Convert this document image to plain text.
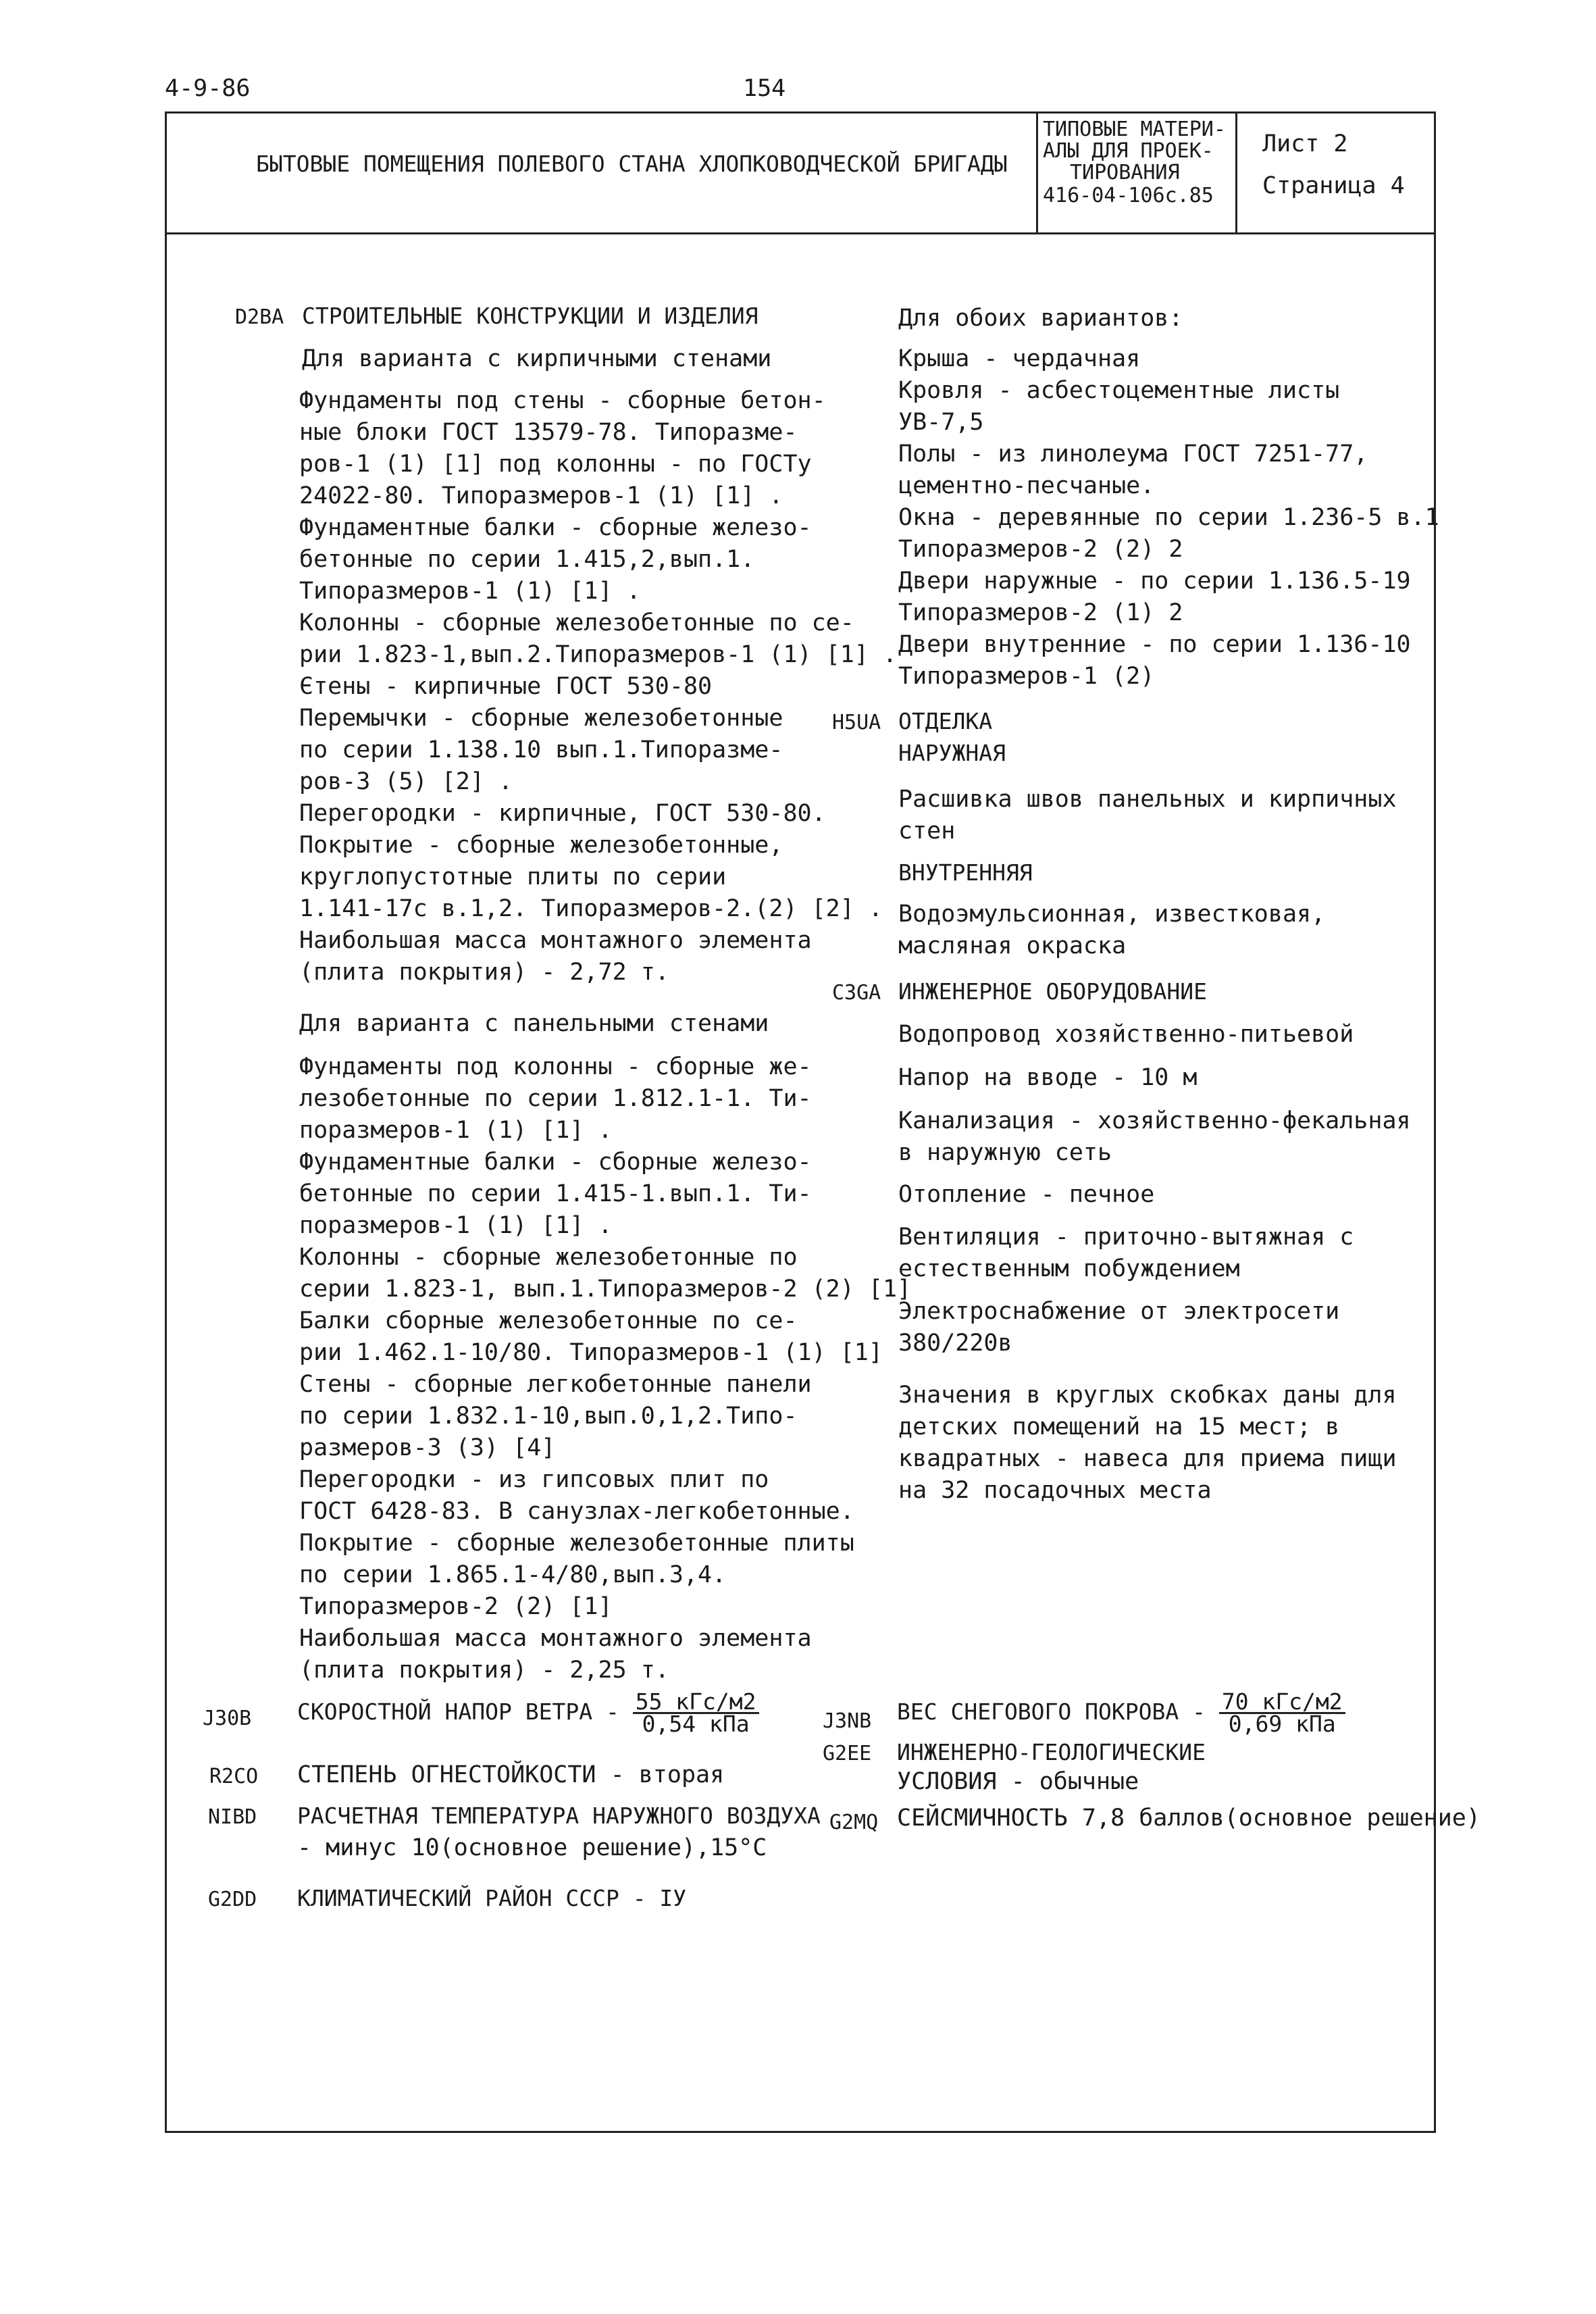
4-9-86	154
БЫТОВЫЕ ПОМЕЩЕНИЯ ПОЛЕВОГО СТАНА ХЛОПКОВОДЧЕСКОЙ БРИГАДЫ
ТИПОВЫЕ МАТЕРИ-
АЛЫ ДЛЯ ПРОЕК-
ТИРОВАНИЯ
416-04-106с.85
Лист 2
Страница 4
D2BA СТРОИТЕЛЬНЫЕ КОНСТРУКЦИИ И ИЗДЕЛИЯ
Для варианта с кирпичными стенами
Фундаменты под стены - сборные бетон-
ные блоки ГОСТ 13579-78. Типоразме-
ров-1 (1) [1] под колонны - по ГОСТу
24022-80. Типоразмеров-1 (1) [1] .
Фундаментные балки - сборные железо-
бетонные по серии 1.415,2,вып.1.
Типоразмеров-1 (1) [1] .
Колонны - сборные железобетонные по се-
рии 1.823-1,вып.2.Типоразмеров-1 (1) [1] .
Єтены - кирпичные ГОСТ 530-80
Перемычки - сборные железобетонные
по серии 1.138.10 вып.1.Типоразме-
ров-3 (5) [2] .
Перегородки - кирпичные, ГОСТ 530-80.
Покрытие - сборные железобетонные,
круглопустотные плиты по серии
1.141-17с в.1,2. Типоразмеров-2.(2) [2] .
Наибольшая масса монтажного элемента
(плита покрытия) - 2,72 т.
Для варианта с панельными стенами
Фундаменты под колонны - сборные же-
лезобетонные по серии 1.812.1-1. Ти-
поразмеров-1 (1) [1] .
Фундаментные балки - сборные железо-
бетонные по серии 1.415-1.вып.1. Ти-
поразмеров-1 (1) [1] .
Колонны - сборные железобетонные по
серии 1.823-1, вып.1.Типоразмеров-2 (2) [1]
Балки сборные железобетонные по се-
рии 1.462.1-10/80. Типоразмеров-1 (1) [1]
Стены - сборные легкобетонные панели
по серии 1.832.1-10,вып.0,1,2.Типо-
размеров-3 (3) [4]
Перегородки - из гипсовых плит по
ГОСТ 6428-83. В санузлах-легкобетонные.
Покрытие - сборные железобетонные плиты
по серии 1.865.1-4/80,вып.3,4.
Типоразмеров-2 (2) [1]
Наибольшая масса монтажного элемента
(плита покрытия) - 2,25 т.
Для обоих вариантов:
Крыша - чердачная
Кровля - асбестоцементные листы
УВ-7,5
Полы - из линолеума ГОСТ 7251-77,
цементно-песчаные.
Окна - деревянные по серии 1.236-5 в.1
Типоразмеров-2 (2) 2
Двери наружные - по серии 1.136.5-19
Типоразмеров-2 (1) 2
Двери внутренние - по серии 1.136-10
Типоразмеров-1 (2)
H5UA ОТДЕЛКА
НАРУЖНАЯ
Расшивка швов панельных и кирпичных
стен
ВНУТРЕННЯЯ
Водоэмульсионная, известковая,
масляная окраска
C3GA ИНЖЕНЕРНОЕ ОБОРУДОВАНИЕ
Водопровод хозяйственно-питьевой
Напор на вводе - 10 м
Канализация - хозяйственно-фекальная
в наружную сеть
Отопление - печное
Вентиляция - приточно-вытяжная с
естественным побуждением
Электроснабжение от электросети
380/220в
Значения в круглых скобках даны для
детских помещений на 15 мест; в
квадратных - навеса для приема пищи
на 32 посадочных места
J30B СКОРОСТНОЙ НАПОР ВЕТРА - $\frac{\text{55 кГс/м2}}{\text{0,54 кПа}}$	J3NB ВЕС СНЕГОВОГО ПОКРОВА - $\frac{\text{70 кГс/м2}}{\text{0,69 кПа}}$
G2EE ИНЖЕНЕРНО-ГЕОЛОГИЧЕСКИЕ
УСЛОВИЯ - обычные
R2CO СТЕПЕНЬ ОГНЕСТОЙКОСТИ - вторая
NIBD РАСЧЕТНАЯ ТЕМПЕРАТУРА НАРУЖНОГО ВОЗДУХА
- минус 10(основное решение),15°С
G2MQ СЕЙСМИЧНОСТЬ 7,8 баллов(основное решение)
G2DD КЛИМАТИЧЕСКИЙ РАЙОН СССР - IУ
